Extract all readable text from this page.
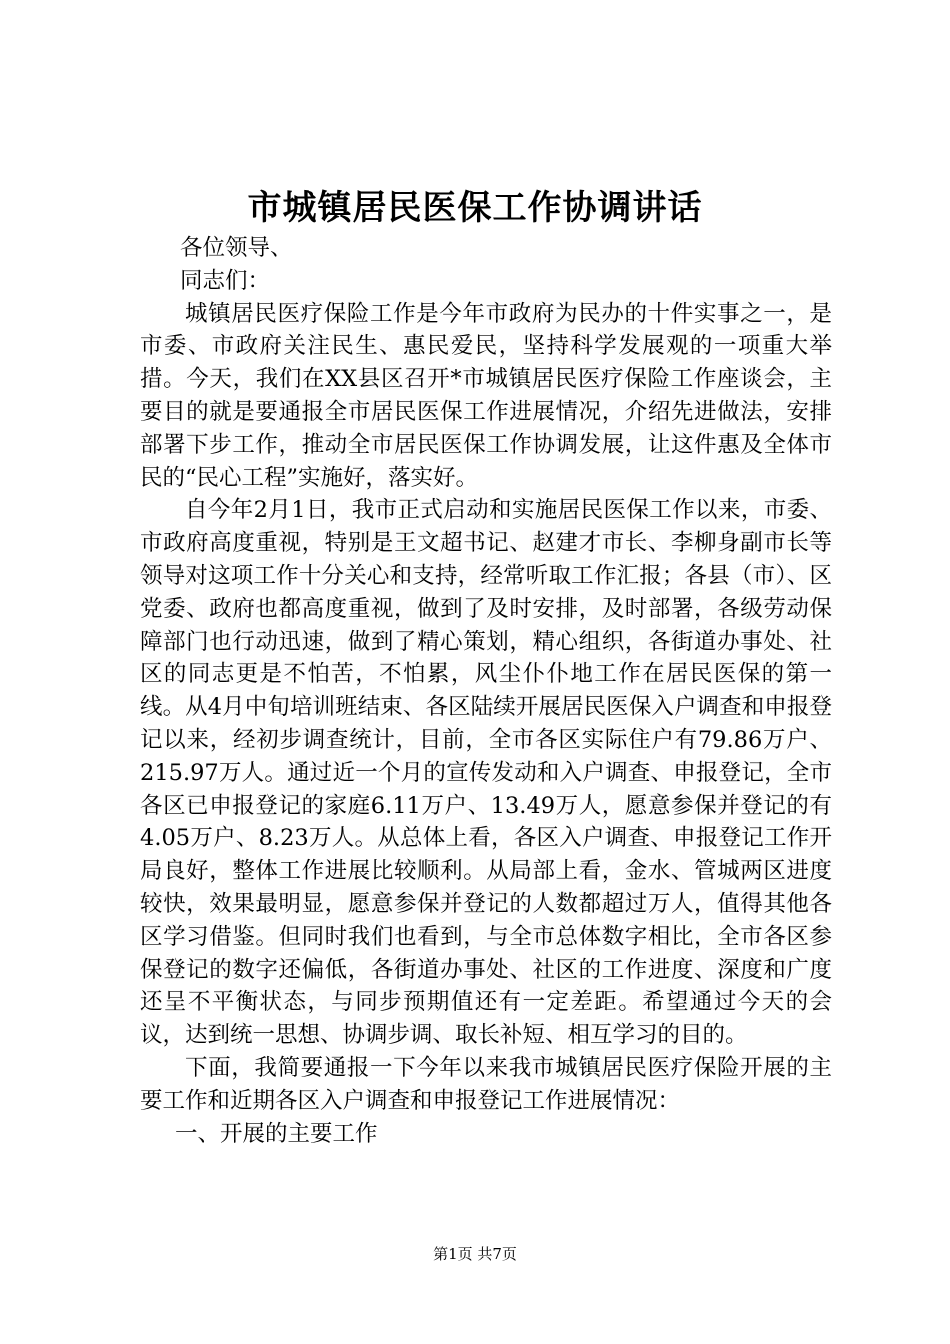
市城镇居民医保工作协调讲话

各位领导、

同志们：

城镇居民医疗保险工作是今年市政府为民办的十件实事之一，是市委、市政府关注民生、惠民爱民，坚持科学发展观的一项重大举措。今天，我们在XX县区召开*市城镇居民医疗保险工作座谈会，主要目的就是要通报全市居民医保工作进展情况，介绍先进做法，安排部署下步工作，推动全市居民医保工作协调发展，让这件惠及全体市民的“民心工程”实施好，落实好。

自今年2月1日，我市正式启动和实施居民医保工作以来，市委、市政府高度重视，特别是王文超书记、赵建才市长、李柳身副市长等领导对这项工作十分关心和支持，经常听取工作汇报；各县（市）、区党委、政府也都高度重视，做到了及时安排，及时部署，各级劳动保障部门也行动迅速，做到了精心策划，精心组织，各街道办事处、社区的同志更是不怕苦，不怕累，风尘仆仆地工作在居民医保的第一线。从4月中旬培训班结束、各区陆续开展居民医保入户调查和申报登记以来，经初步调查统计，目前，全市各区实际住户有79.86万户、215.97万人。通过近一个月的宣传发动和入户调查、申报登记，全市各区已申报登记的家庭6.11万户、13.49万人，愿意参保并登记的有4.05万户、8.23万人。从总体上看，各区入户调查、申报登记工作开局良好，整体工作进展比较顺利。从局部上看，金水、管城两区进度较快，效果最明显，愿意参保并登记的人数都超过万人，值得其他各区学习借鉴。但同时我们也看到，与全市总体数字相比，全市各区参保登记的数字还偏低，各街道办事处、社区的工作进度、深度和广度还呈不平衡状态，与同步预期值还有一定差距。希望通过今天的会议，达到统一思想、协调步调、取长补短、相互学习的目的。

下面，我简要通报一下今年以来我市城镇居民医疗保险开展的主要工作和近期各区入户调查和申报登记工作进展情况：

一、开展的主要工作

第1页 共7页
